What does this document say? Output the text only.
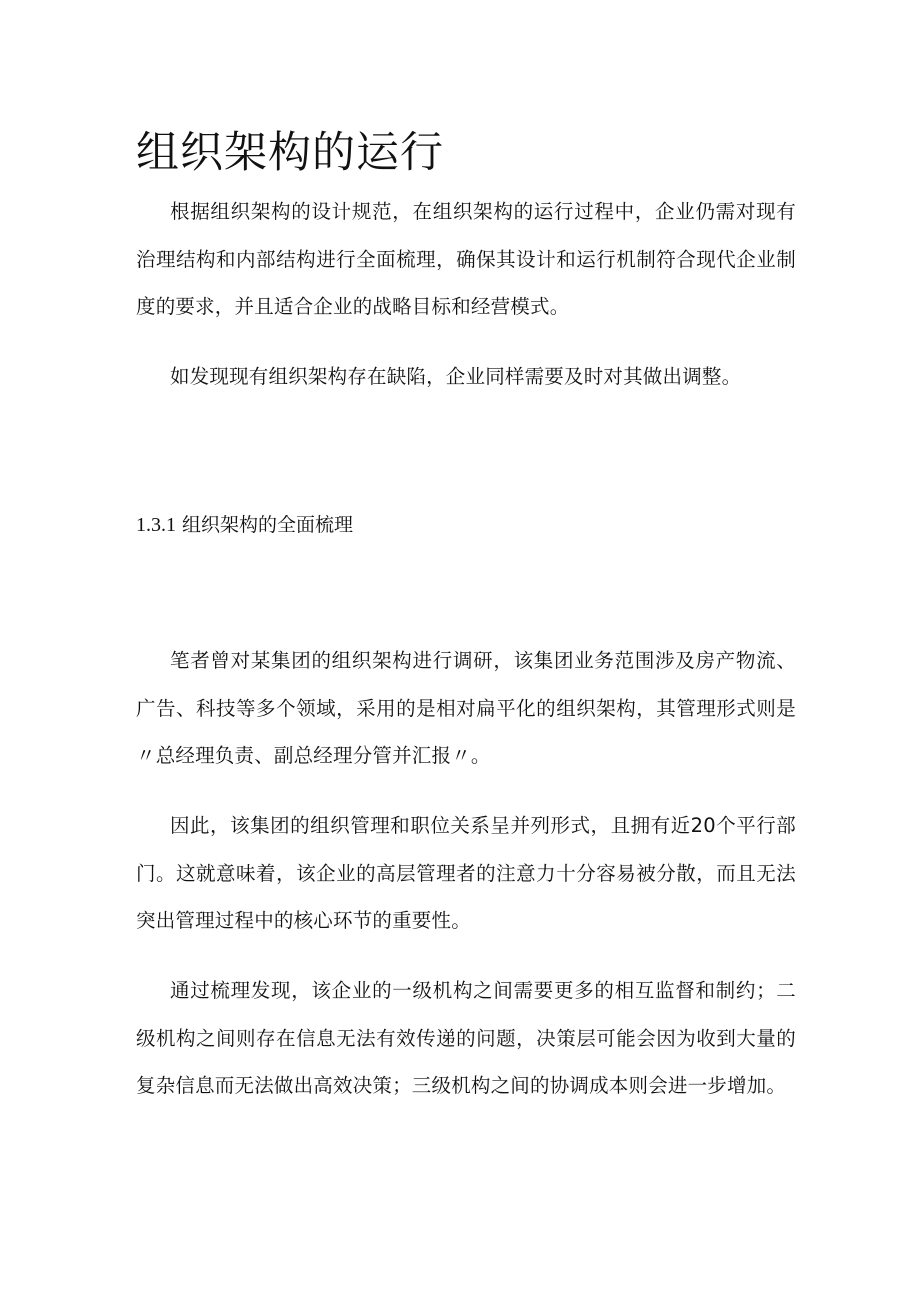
组织架构的运行

根据组织架构的设计规范，在组织架构的运行过程中，企业仍需对现有治理结构和内部结构进行全面梳理，确保其设计和运行机制符合现代企业制度的要求，并且适合企业的战略目标和经营模式。

如发现现有组织架构存在缺陷，企业同样需要及时对其做出调整。

1.3.1 组织架构的全面梳理

笔者曾对某集团的组织架构进行调研，该集团业务范围涉及房产物流、广告、科技等多个领域，采用的是相对扁平化的组织架构，其管理形式则是〃总经理负责、副总经理分管并汇报〃。

因此，该集团的组织管理和职位关系呈并列形式，且拥有近20个平行部门。这就意味着，该企业的高层管理者的注意力十分容易被分散，而且无法突出管理过程中的核心环节的重要性。

通过梳理发现，该企业的一级机构之间需要更多的相互监督和制约；二级机构之间则存在信息无法有效传递的问题，决策层可能会因为收到大量的复杂信息而无法做出高效决策；三级机构之间的协调成本则会进一步增加。
